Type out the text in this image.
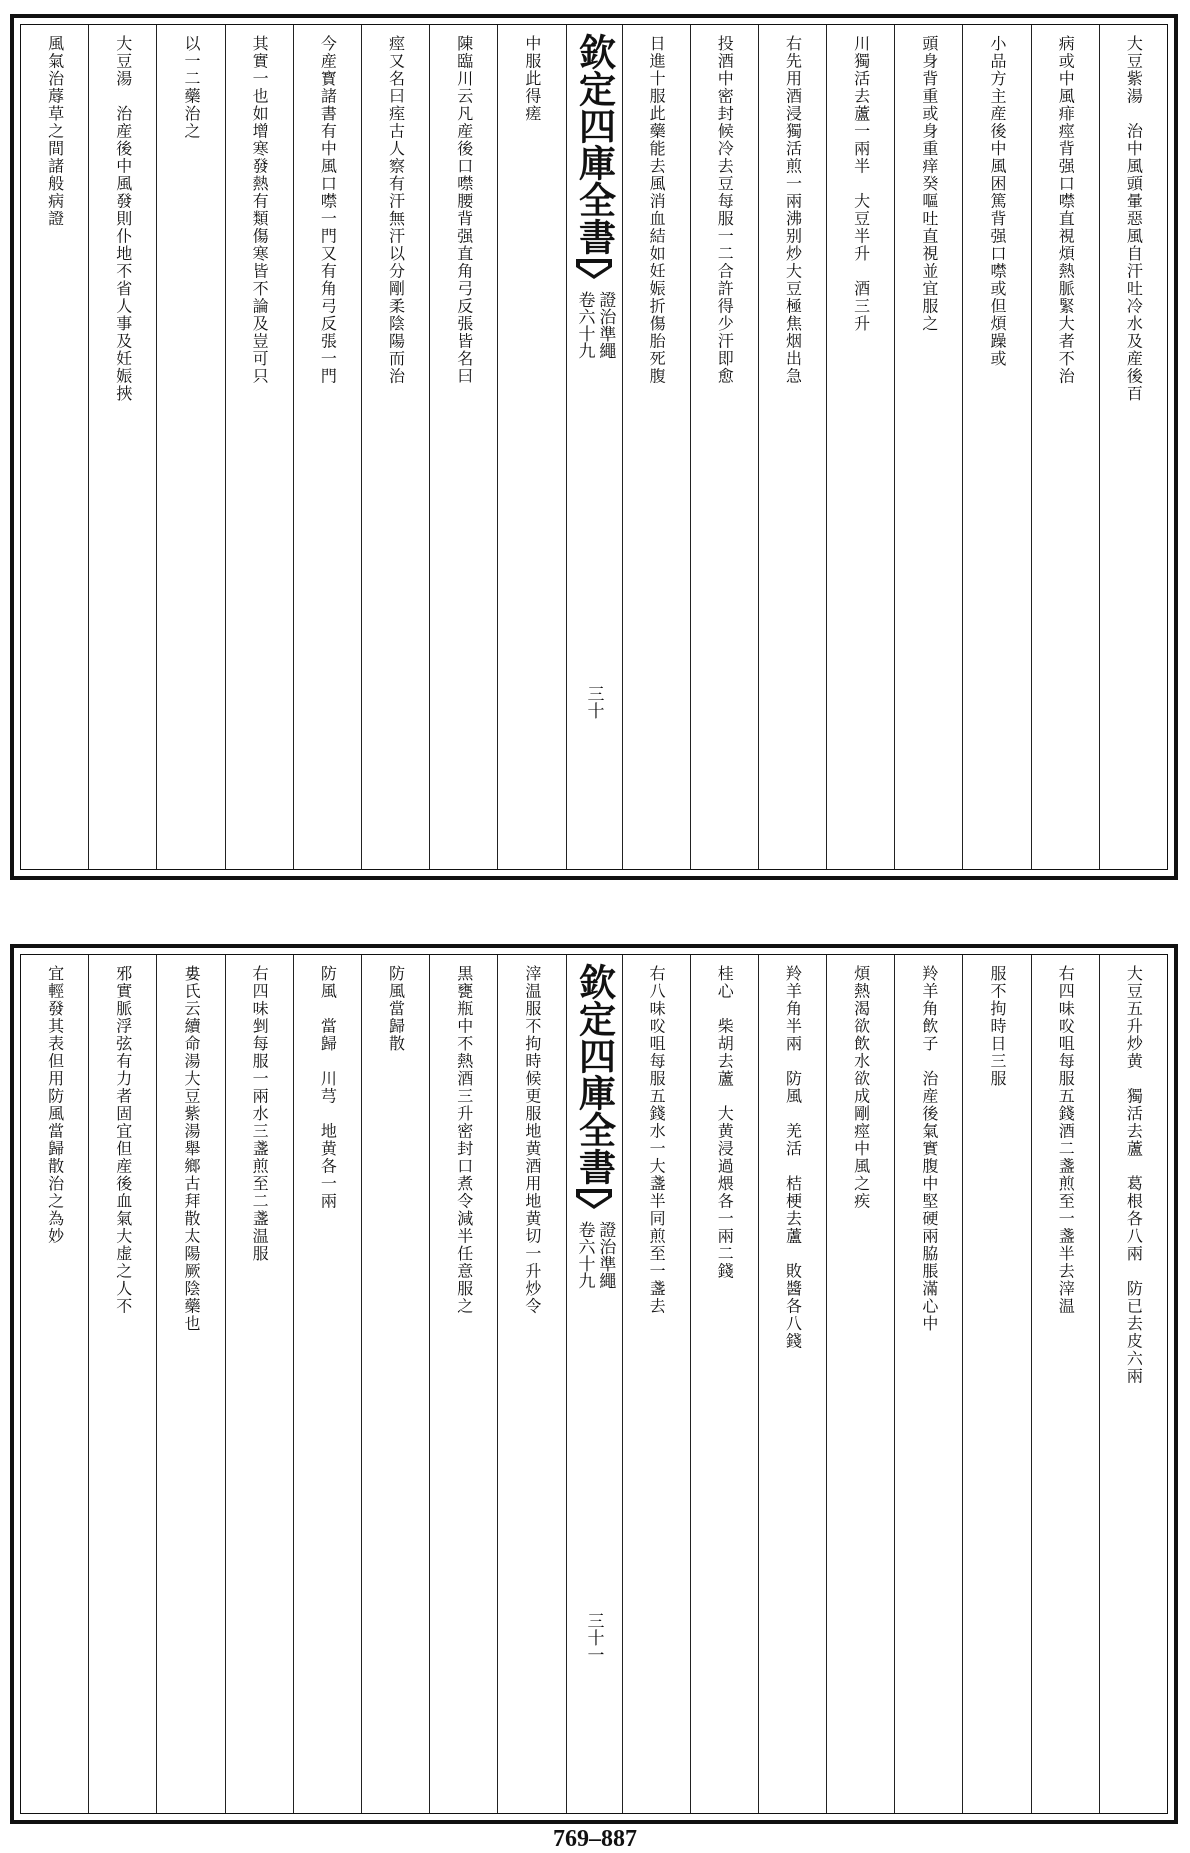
大豆紫湯　治中風頭暈惡風自汗吐冷水及産後百
病或中風痱痙背强口噤直視煩熱脈緊大者不治
小品方主産後中風困篤背强口噤或但煩躁或
頭身背重或身重痒癸嘔吐直視並宜服之
川獨活去蘆一兩半　大豆半升　酒三升
右先用酒浸獨活煎一兩沸别炒大豆極焦烟出急
投酒中密封候冷去豆每服一二合許得少汗即愈
日進十服此藥能去風消血結如妊娠折傷胎死腹
欽定四庫全書
證治準繩
卷六十九
三十
中服此得瘥
陳臨川云凡産後口噤腰背强直角弓反張皆名曰
痙又名曰痓古人察有汗無汗以分剛柔陰陽而治
今産寳諸書有中風口噤一門又有角弓反張一門
其實一也如增寒發熱有類傷寒皆不論及豈可只
以一二藥治之
大豆湯　治産後中風發則仆地不省人事及妊娠挾
風氣治蓐草之間諸般病證
大豆五升炒黄　獨活去蘆　葛根各八兩　防已去皮六兩
右四味㕮咀每服五錢酒二盞煎至一盞半去滓温
服不拘時日三服
羚羊角飲子　治産後氣實腹中堅硬兩脇脹滿心中
煩熱渴欲飲水欲成剛痙中風之疾
羚羊角半兩　防風　羌活　桔梗去蘆　敗醬各八錢
桂心　柴胡去蘆　大黄浸過煨各一兩二錢
右八味㕮咀每服五錢水一大盞半同煎至一盞去
欽定四庫全書
證治準繩
卷六十九
三十一
滓温服不拘時候更服地黄酒用地黄切一升炒令
黒甕瓶中不熱酒三升密封口煮令減半任意服之
防風當歸散
防風　當歸　川芎　地黄各一兩
右四味剉每服一兩水三盞煎至二盞温服
婁氏云續命湯大豆紫湯舉鄉古拜散太陽厥陰藥也
邪實脈浮弦有力者固宜但産後血氣大虚之人不
宜輕發其表但用防風當歸散治之為妙
769–887
